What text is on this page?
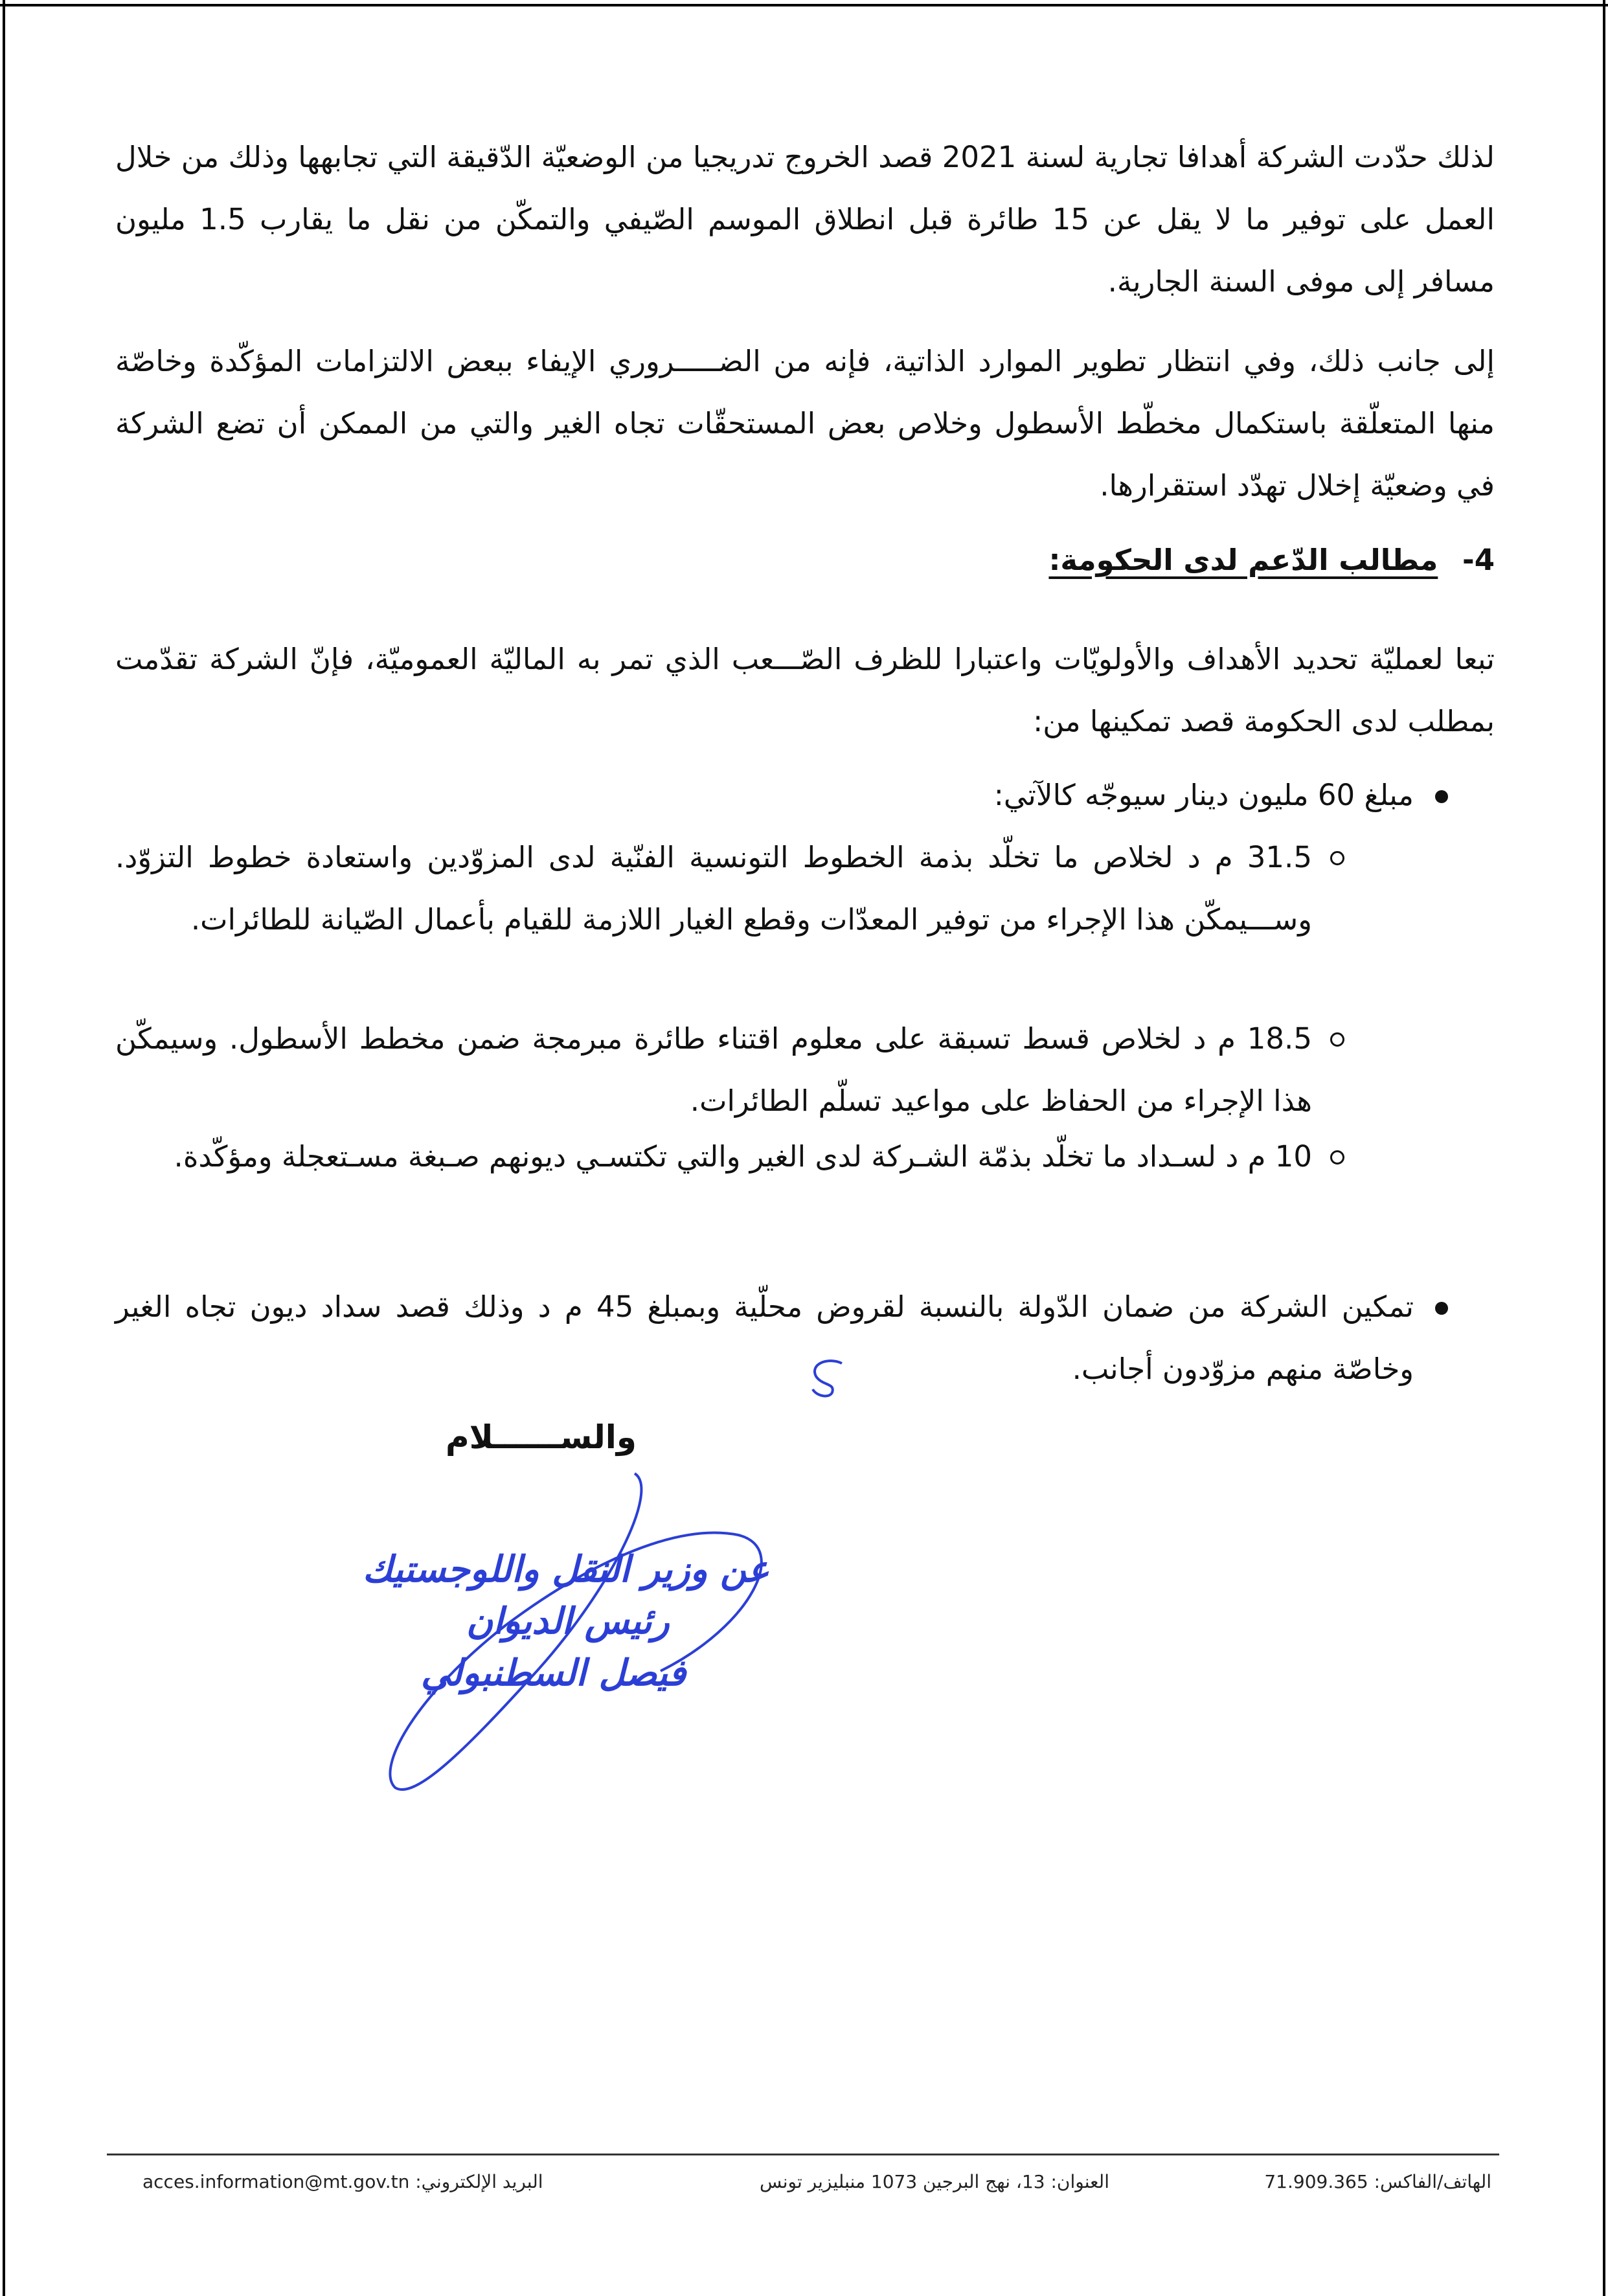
لذلك حدّدت الشركة أهدافا تجارية لسنة 2021 قصد الخروج تدريجيا من الوضعيّة الدّقيقة التي تجابهها وذلك من خلال العمل على توفير ما لا يقل عن 15 طائرة قبل انطلاق الموسم الصّيفي والتمكّن من نقل ما يقارب 1.5 مليون مسافر إلى موفى السنة الجارية.

إلى جانب ذلك، وفي انتظار تطوير الموارد الذاتية، فإنه من الضـــــروري الإيفاء ببعض الالتزامات المؤكّدة وخاصّة منها المتعلّقة باستكمال مخطّط الأسطول وخلاص بعض المستحقّات تجاه الغير والتي من الممكن أن تضع الشركة في وضعيّة إخلال تهدّد استقرارها.

4- مطالب الدّعم لدى الحكومة:

تبعا لعمليّة تحديد الأهداف والأولويّات واعتبارا للظرف الصّـــعب الذي تمر به الماليّة العموميّة، فإنّ الشركة تقدّمت بمطلب لدى الحكومة قصد تمكينها من:

مبلغ 60 مليون دينار سيوجّه كالآتي:
31.5 م د لخلاص ما تخلّد بذمة الخطوط التونسية الفنّية لدى المزوّدين واستعادة خطوط التزوّد. وســـيمكّن هذا الإجراء من توفير المعدّات وقطع الغيار اللازمة للقيام بأعمال الصّيانة للطائرات.
18.5 م د لخلاص قسط تسبقة على معلوم اقتناء طائرة مبرمجة ضمن مخطط الأسطول. وسيمكّن هذا الإجراء من الحفاظ على مواعيد تسلّم الطائرات.
10 م د لسـداد ما تخلّد بذمّة الشـركة لدى الغير والتي تكتسـي ديونهم صـبغة مسـتعجلة ومؤكّدة.
تمكين الشركة من ضمان الدّولة بالنسبة لقروض محلّية وبمبلغ 45 م د وذلك قصد سداد ديون تجاه الغير وخاصّة منهم مزوّدون أجانب.
والســــــلام
عن وزير النقل واللوجستيك
رئيس الديوان
فيصل السطنبولي
الهاتف/الفاكس: 71.909.365
العنوان: 13، نهج البرجين 1073 منبليزير تونس
البريد الإلكتروني: acces.information@mt.gov.tn
